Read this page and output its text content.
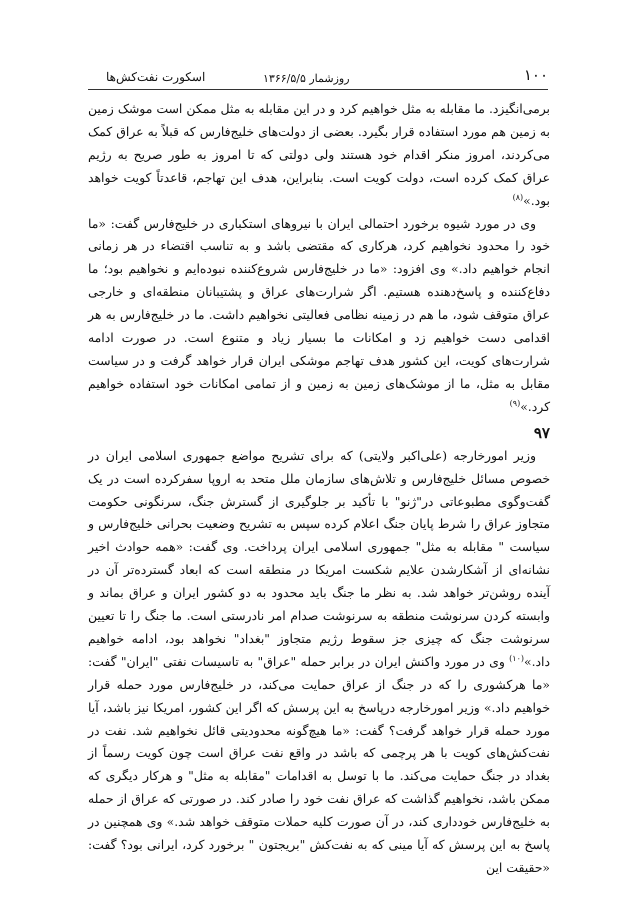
۱۰۰
روزشمار ۱۳۶۶/۵/۵
اسکورت نفت‌کش‌ها

برمی‌انگیزد. ما مقابله به مثل خواهیم کرد و در این مقابله به مثل ممکن است موشک زمین به زمین هم مورد استفاده قرار بگیرد. بعضی از دولت‌های خلیج‌فارس که قبلاً به عراق کمک می‌کردند، امروز منکر اقدام خود هستند ولی دولتی که تا امروز به طور صریح به رژیم عراق کمک کرده است، دولت کویت است. بنابراین، هدف این تهاجم، قاعدتاً کویت خواهد بود.»$^{(۸)}$

وی در مورد شیوه برخورد احتمالی ایران با نیروهای استکباری در خلیج‌فارس گفت: «ما خود را محدود نخواهیم کرد، هرکاری که مقتضی باشد و به تناسب اقتضاء در هر زمانی انجام خواهیم داد.» وی افزود: «ما در خلیج‌فارس شروع‌کننده نبوده‌ایم و نخواهیم بود؛ ما دفاع‌کننده و پاسخ‌دهنده هستیم. اگر شرارت‌های عراق و پشتیبانان منطقه‌ای و خارجی عراق متوقف شود، ما هم در زمینه نظامی فعالیتی نخواهیم داشت. ما در خلیج‌فارس به هر اقدامی دست خواهیم زد و امکانات ما بسیار زیاد و متنوع است. در صورت ادامه شرارت‌های کویت، این کشور هدف تهاجم موشکی ایران قرار خواهد گرفت و در سیاست مقابل به مثل، ما از موشک‌های زمین به زمین و از تمامی امکانات خود استفاده خواهیم کرد.»$^{(۹)}$

۹۷

وزیر امورخارجه (علی‌اکبر ولایتی) که برای تشریح مواضع جمهوری اسلامی ایران در خصوص مسائل خلیج‌فارس و تلاش‌های سازمان ملل متحد به اروپا سفرکرده است در یک گفت‌وگوی مطبوعاتی در"ژنو" با تأکید بر جلوگیری از گسترش جنگ، سرنگونی حکومت متجاوز عراق را شرط پایان جنگ اعلام کرده سپس به تشریح وضعیت بحرانی خلیج‌فارس و سیاست " مقابله به مثل" جمهوری اسلامی ایران پرداخت. وی گفت: «همه حوادث اخیر نشانه‌ای از آشکارشدن علایم شکست امریکا در منطقه است که ابعاد گسترده‌تر آن در آینده روشن‌تر خواهد شد. به نظر ما جنگ باید محدود به دو کشور ایران و عراق بماند و وابسته کردن سرنوشت منطقه به سرنوشت صدام امر نادرستی است. ما جنگ را تا تعیین سرنوشت جنگ که چیزی جز سقوط رژیم متجاوز "بغداد" نخواهد بود، ادامه خواهیم داد.»$^{(۱۰)}$ وی در مورد واکنش ایران در برابر حمله "عراق" به تاسیسات نفتی "ایران" گفت: «ما هرکشوری را که در جنگ از عراق حمایت می‌کند، در خلیج‌فارس مورد حمله قرار خواهیم داد.» وزیر امورخارجه درپاسخ به این پرسش که اگر این کشور، امریکا نیز باشد، آیا مورد حمله قرار خواهد گرفت؟ گفت: «ما هیچ‌گونه محدودیتی قائل نخواهیم شد. نفت در نفت‌کش‌های کویت با هر پرچمی که باشد در واقع نفت عراق است چون کویت رسماً از بغداد در جنگ حمایت می‌کند. ما با توسل به اقدامات "مقابله به مثل" و هرکار دیگری که ممکن باشد، نخواهیم گذاشت که عراق نفت خود را صادر کند. در صورتی که عراق از حمله به خلیج‌فارس خودداری کند، در آن صورت کلیه حملات متوقف خواهد شد.» وی همچنین در پاسخ به این پرسش که آیا مینی که به نفت‌کش "بریجتون " برخورد کرد، ایرانی بود؟ گفت: «حقیقت این
